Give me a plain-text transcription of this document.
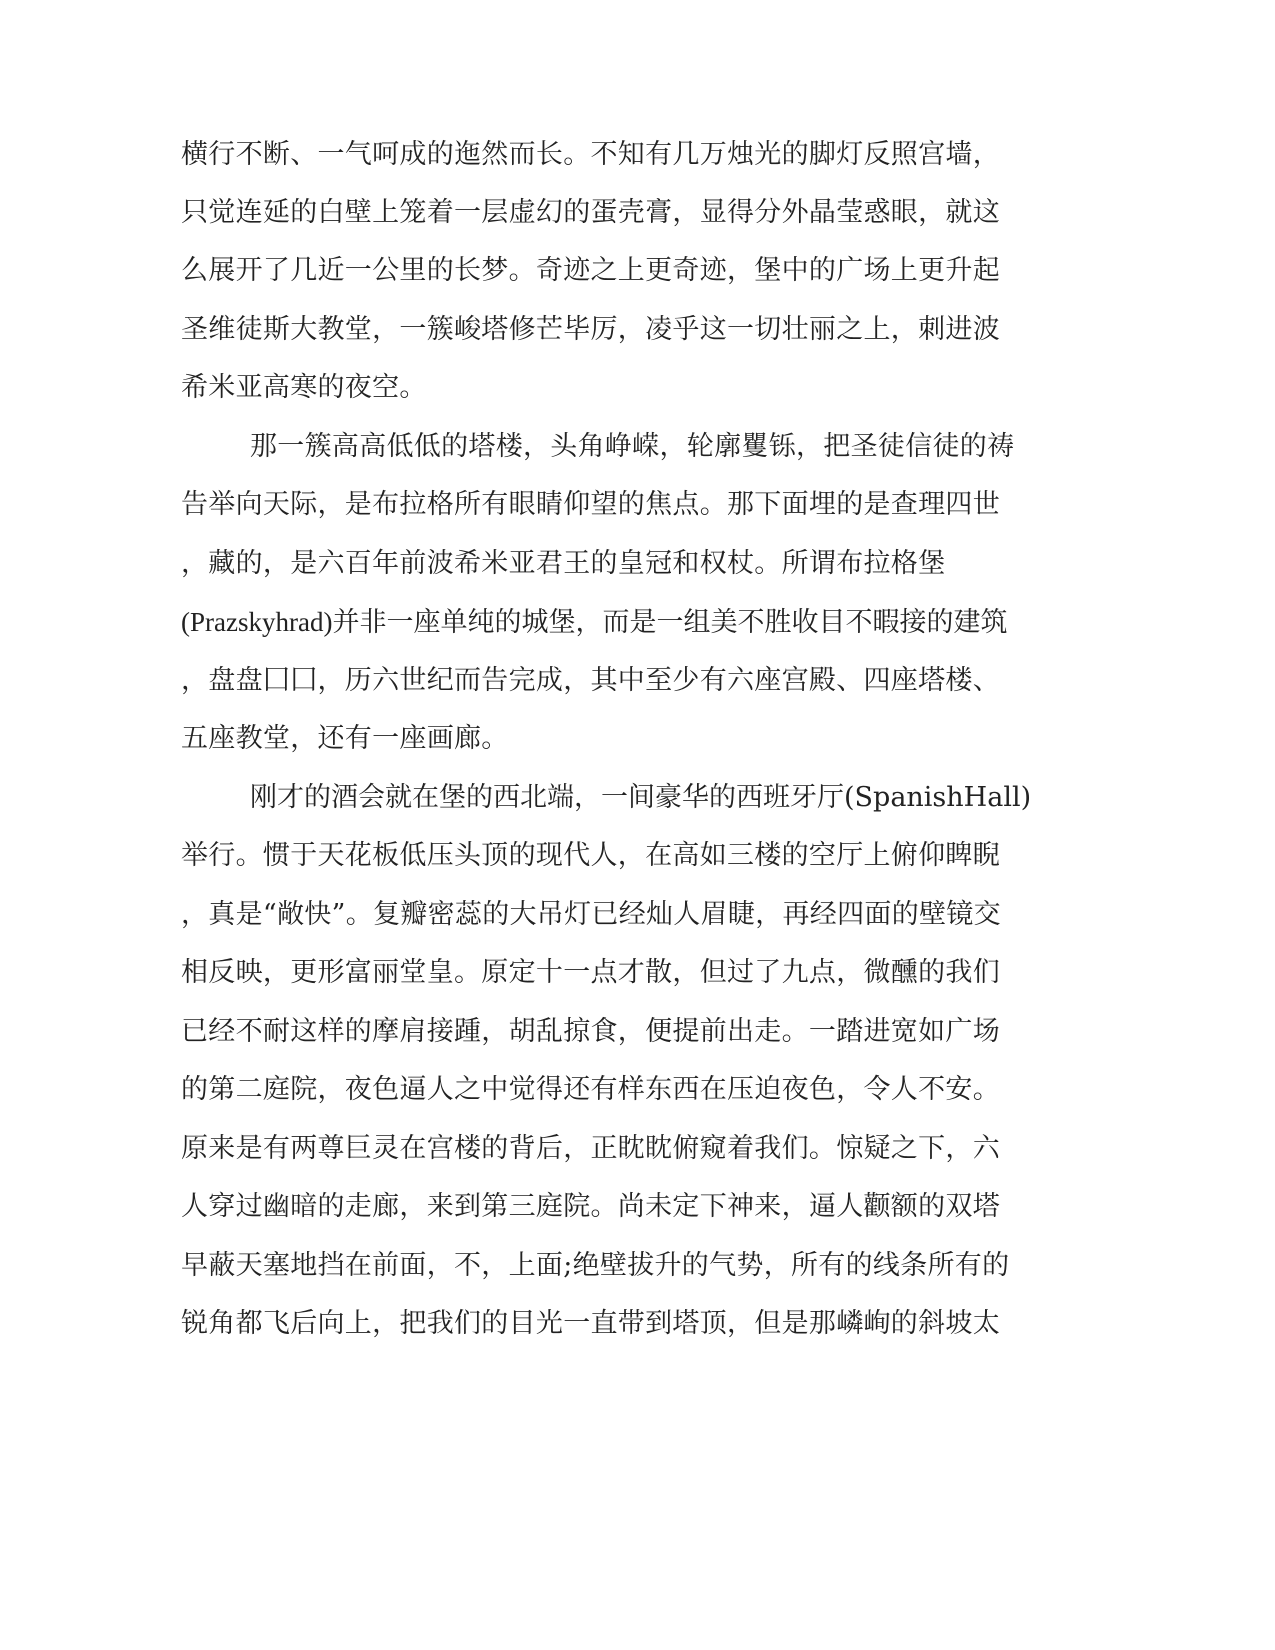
横行不断、一气呵成的迤然而长。不知有几万烛光的脚灯反照宫墙，
只觉连延的白壁上笼着一层虚幻的蛋壳膏，显得分外晶莹惑眼，就这
么展开了几近一公里的长梦。奇迹之上更奇迹，堡中的广场上更升起
圣维徒斯大教堂，一簇峻塔修芒毕厉，凌乎这一切壮丽之上，刺进波
希米亚高寒的夜空。
那一簇高高低低的塔楼，头角峥嵘，轮廓矍铄，把圣徒信徒的祷
告举向天际，是布拉格所有眼睛仰望的焦点。那下面埋的是查理四世
，藏的，是六百年前波希米亚君王的皇冠和权杖。所谓布拉格堡
(Prazskyhrad)并非一座单纯的城堡，而是一组美不胜收目不暇接的建筑
，盘盘囗囗，历六世纪而告完成，其中至少有六座宫殿、四座塔楼、
五座教堂，还有一座画廊。
刚才的酒会就在堡的西北端，一间豪华的西班牙厅(SpanishHall)
举行。惯于天花板低压头顶的现代人，在高如三楼的空厅上俯仰睥睨
，真是“敞快”。复瓣密蕊的大吊灯已经灿人眉睫，再经四面的壁镜交
相反映，更形富丽堂皇。原定十一点才散，但过了九点，微醺的我们
已经不耐这样的摩肩接踵，胡乱掠食，便提前出走。一踏进宽如广场
的第二庭院，夜色逼人之中觉得还有样东西在压迫夜色，令人不安。
原来是有两尊巨灵在宫楼的背后，正眈眈俯窥着我们。惊疑之下，六
人穿过幽暗的走廊，来到第三庭院。尚未定下神来，逼人颧额的双塔
早蔽天塞地挡在前面，不，上面;绝壁拔升的气势，所有的线条所有的
锐角都飞后向上，把我们的目光一直带到塔顶，但是那嶙峋的斜坡太
